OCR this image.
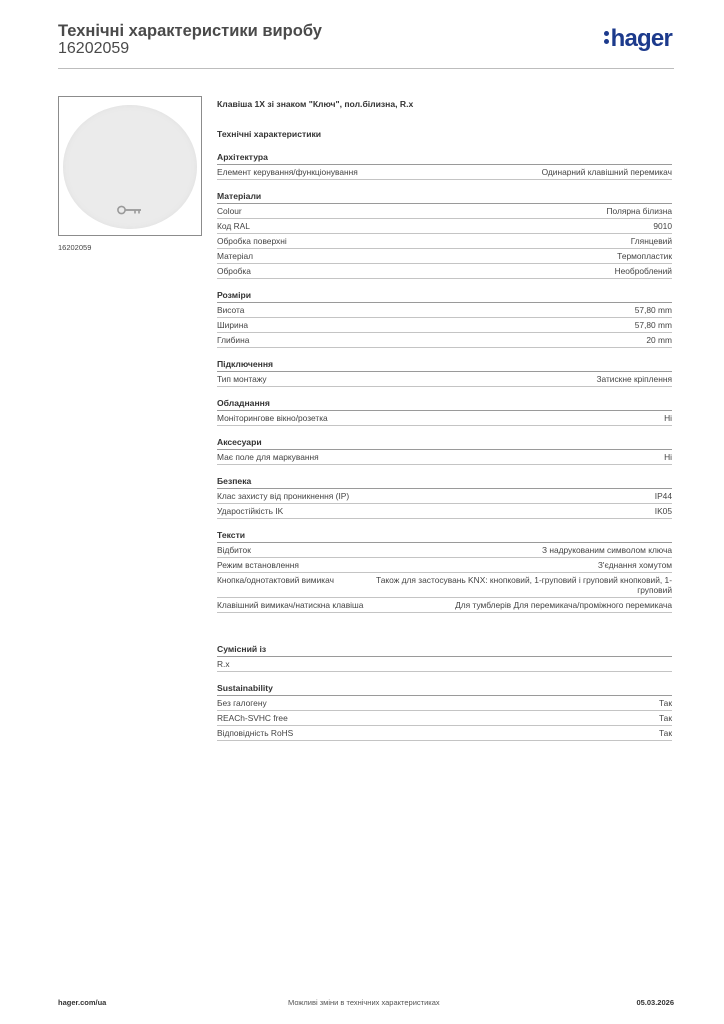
Технічні характеристики виробу
16202059	hager
16202059
Клавіша 1Х зі знаком "Ключ", пол.білизна, R.x
Технічні характеристики
Архітектура
Елемент керування/функціонування	Одинарний клавішний перемикач
Матеріали
Colour	Полярна білизна
Код RAL	9010
Обробка поверхні	Глянцевий
Матеріал	Термопластик
Обробка	Необроблений
Розміри
Висота	57,80 mm
Ширина	57,80 mm
Глибина	20 mm
Підключення
Тип монтажу	Затискне кріплення
Обладнання
Моніторингове вікно/розетка	Ні
Аксесуари
Має поле для маркування	Ні
Безпека
Клас захисту від проникнення (IP)	IP44
Ударостійкість IK	IK05
Тексти
Відбиток	З надрукованим символом ключа
Режим встановлення	З'єднання хомутом
Кнопка/однотактовий вимикач	Також для застосувань KNX: кнопковий, 1-груповий і груповий кнопковий, 1-груповий
Клавішний вимикач/натискна клавіша	Для тумблерів Для перемикача/проміжного перемикача
Сумісний із
R.x
Sustainability
Без галогену	Так
REACh-SVHC free	Так
Відповідність RoHS	Так
hager.com/ua	Можливі зміни в технічних характеристиках	05.03.2026
